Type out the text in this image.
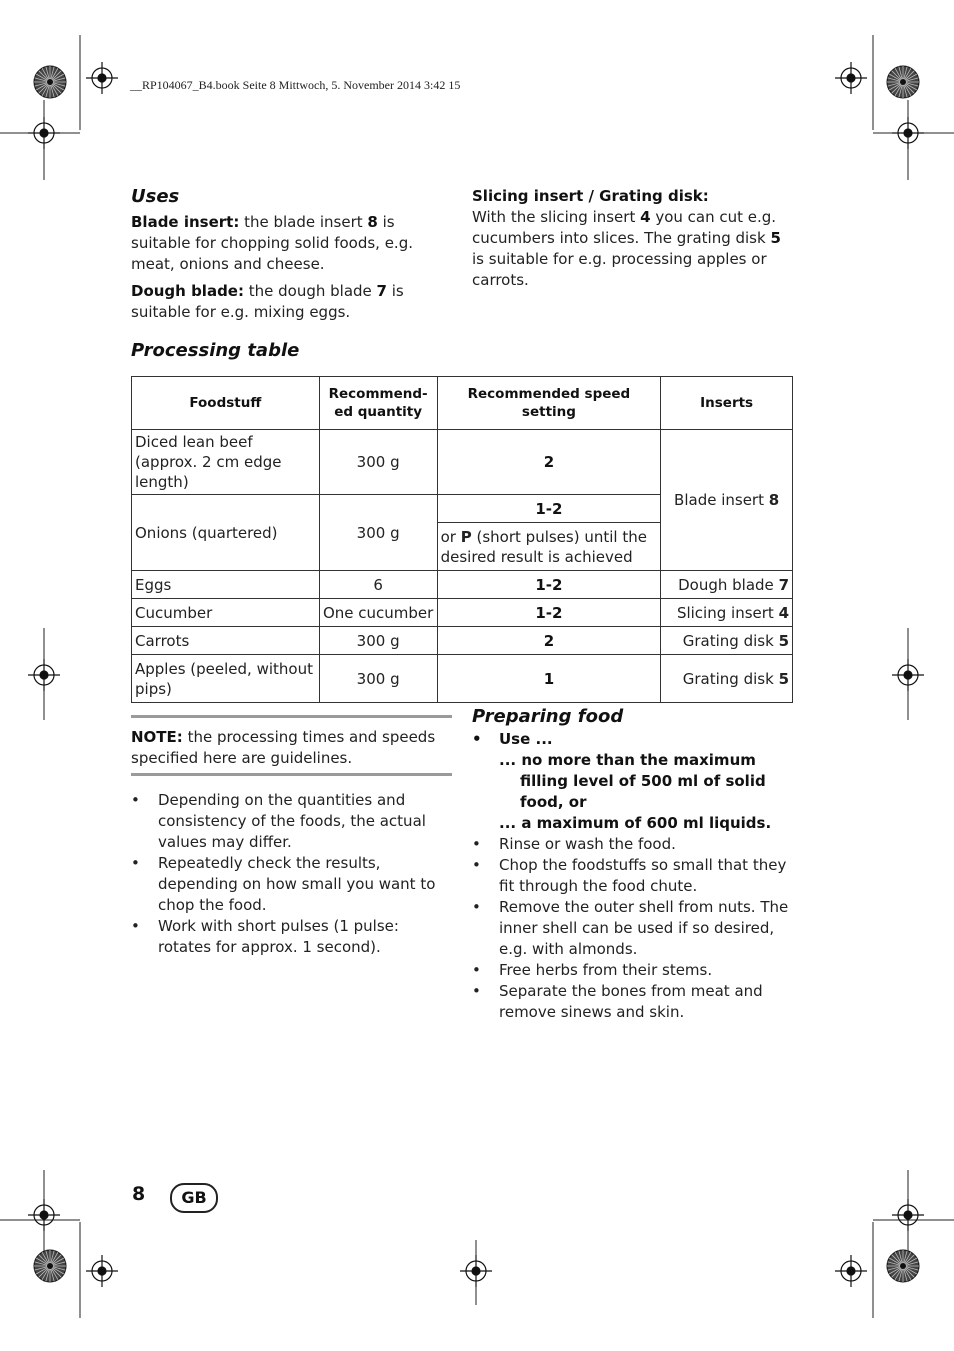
__RP104067_B4.book Seite 8 Mittwoch, 5. November 2014 3:42 15
Uses
Blade insert: the blade insert 8 is suitable for chopping solid foods, e.g. meat, onions and cheese.
Dough blade: the dough blade 7 is suitable for e.g. mixing eggs.
Slicing insert / Grating disk:
With the slicing insert 4 you can cut e.g. cucumbers into slices. The grating disk 5 is suitable for e.g. processing apples or carrots.
Processing table
Foodstuff	Recommend-ed quantity	Recommended speed setting	Inserts
Diced lean beef (approx. 2 cm edge length)	300 g	2	Blade insert 8
Onions (quartered)	300 g	1-2	
		or P (short pulses) until the desired result is achieved	
Eggs	6	1-2	Dough blade 7
Cucumber	One cucumber	1-2	Slicing insert 4
Carrots	300 g	2	Grating disk 5
Apples (peeled, without pips)	300 g	1	Grating disk 5
NOTE: the processing times and speeds specified here are guidelines.
• Depending on the quantities and consistency of the foods, the actual values may differ.
• Repeatedly check the results, depending on how small you want to chop the food.
• Work with short pulses (1 pulse: rotates for approx. 1 second).
Preparing food
• Use ...
... no more than the maximum filling level of 500 ml of solid food, or
... a maximum of 600 ml liquids.
• Rinse or wash the food.
• Chop the foodstuffs so small that they fit through the food chute.
• Remove the outer shell from nuts. The inner shell can be used if so desired, e.g. with almonds.
• Free herbs from their stems.
• Separate the bones from meat and remove sinews and skin.
8	GB
